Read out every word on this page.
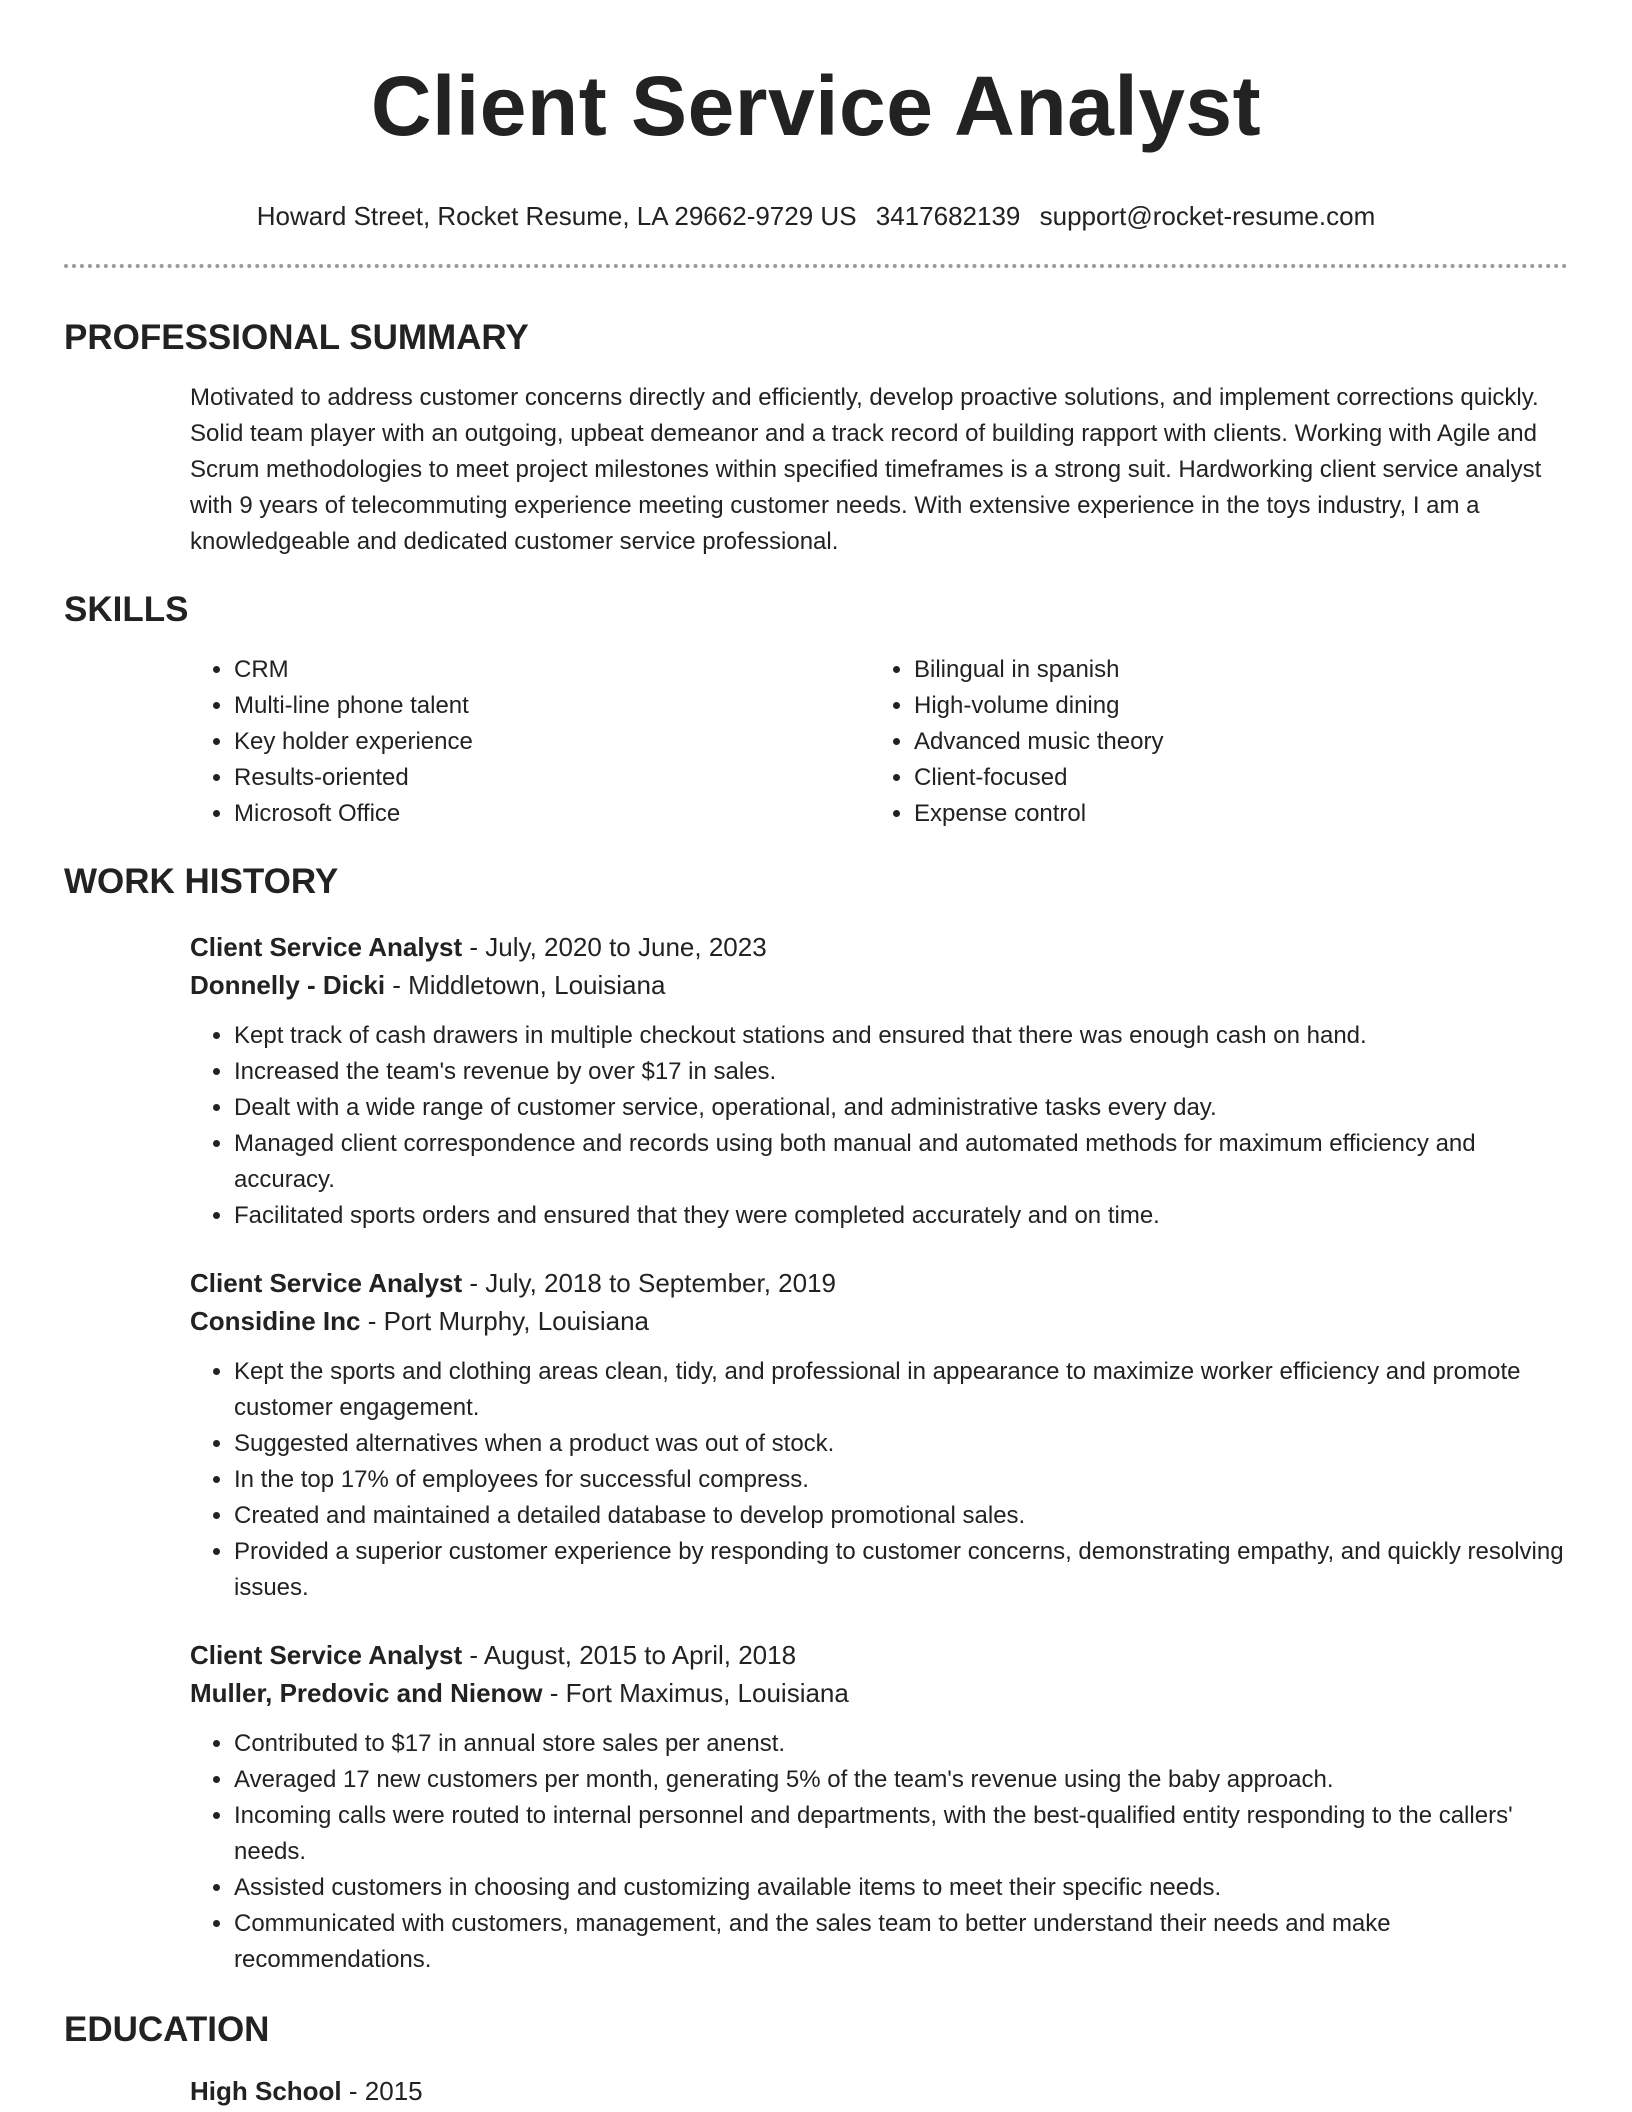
Client Service Analyst
Howard Street, Rocket Resume, LA 29662-9729 US 3417682139 support@rocket-resume.com
PROFESSIONAL SUMMARY
Motivated to address customer concerns directly and efficiently, develop proactive solutions, and implement corrections quickly. Solid team player with an outgoing, upbeat demeanor and a track record of building rapport with clients. Working with Agile and Scrum methodologies to meet project milestones within specified timeframes is a strong suit. Hardworking client service analyst with 9 years of telecommuting experience meeting customer needs. With extensive experience in the toys industry, I am a knowledgeable and dedicated customer service professional.
SKILLS
• CRM
• Multi-line phone talent
• Key holder experience
• Results-oriented
• Microsoft Office
• Bilingual in spanish
• High-volume dining
• Advanced music theory
• Client-focused
• Expense control
WORK HISTORY
Client Service Analyst - July, 2020 to June, 2023
Donnelly - Dicki - Middletown, Louisiana
• Kept track of cash drawers in multiple checkout stations and ensured that there was enough cash on hand.
• Increased the team's revenue by over $17 in sales.
• Dealt with a wide range of customer service, operational, and administrative tasks every day.
• Managed client correspondence and records using both manual and automated methods for maximum efficiency and accuracy.
• Facilitated sports orders and ensured that they were completed accurately and on time.
Client Service Analyst - July, 2018 to September, 2019
Considine Inc - Port Murphy, Louisiana
• Kept the sports and clothing areas clean, tidy, and professional in appearance to maximize worker efficiency and promote customer engagement.
• Suggested alternatives when a product was out of stock.
• In the top 17% of employees for successful compress.
• Created and maintained a detailed database to develop promotional sales.
• Provided a superior customer experience by responding to customer concerns, demonstrating empathy, and quickly resolving issues.
Client Service Analyst - August, 2015 to April, 2018
Muller, Predovic and Nienow - Fort Maximus, Louisiana
• Contributed to $17 in annual store sales per anenst.
• Averaged 17 new customers per month, generating 5% of the team's revenue using the baby approach.
• Incoming calls were routed to internal personnel and departments, with the best-qualified entity responding to the callers' needs.
• Assisted customers in choosing and customizing available items to meet their specific needs.
• Communicated with customers, management, and the sales team to better understand their needs and make recommendations.
EDUCATION
High School - 2015
